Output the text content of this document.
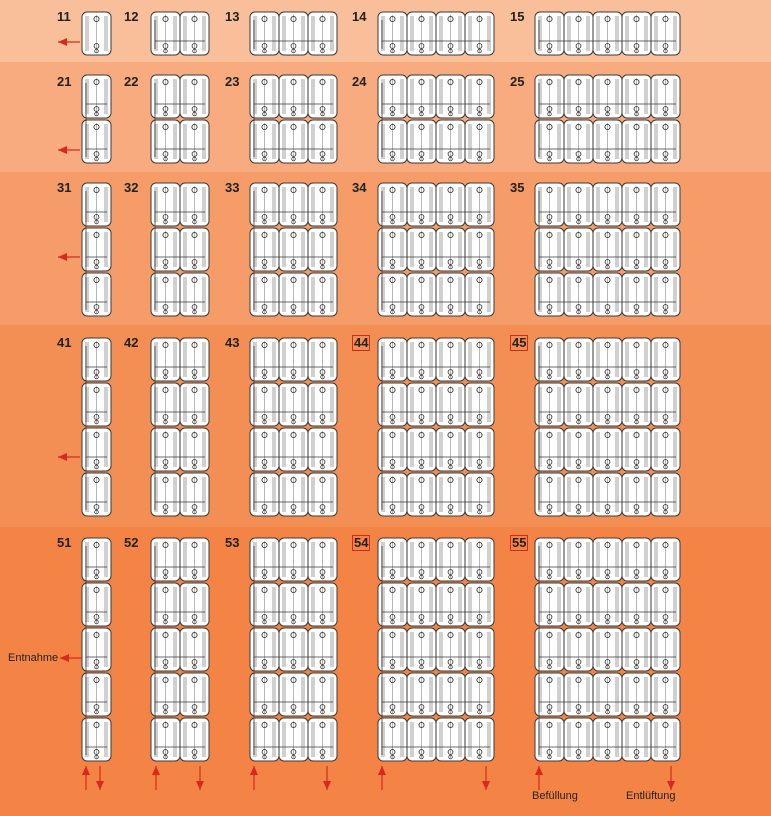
11	12	13	14	15
21	22	23	24	25
31	32	33	34	35
41	42	43	44	45
51	52	53	54	55
Entnahme
Befüllung	Entlüftung
